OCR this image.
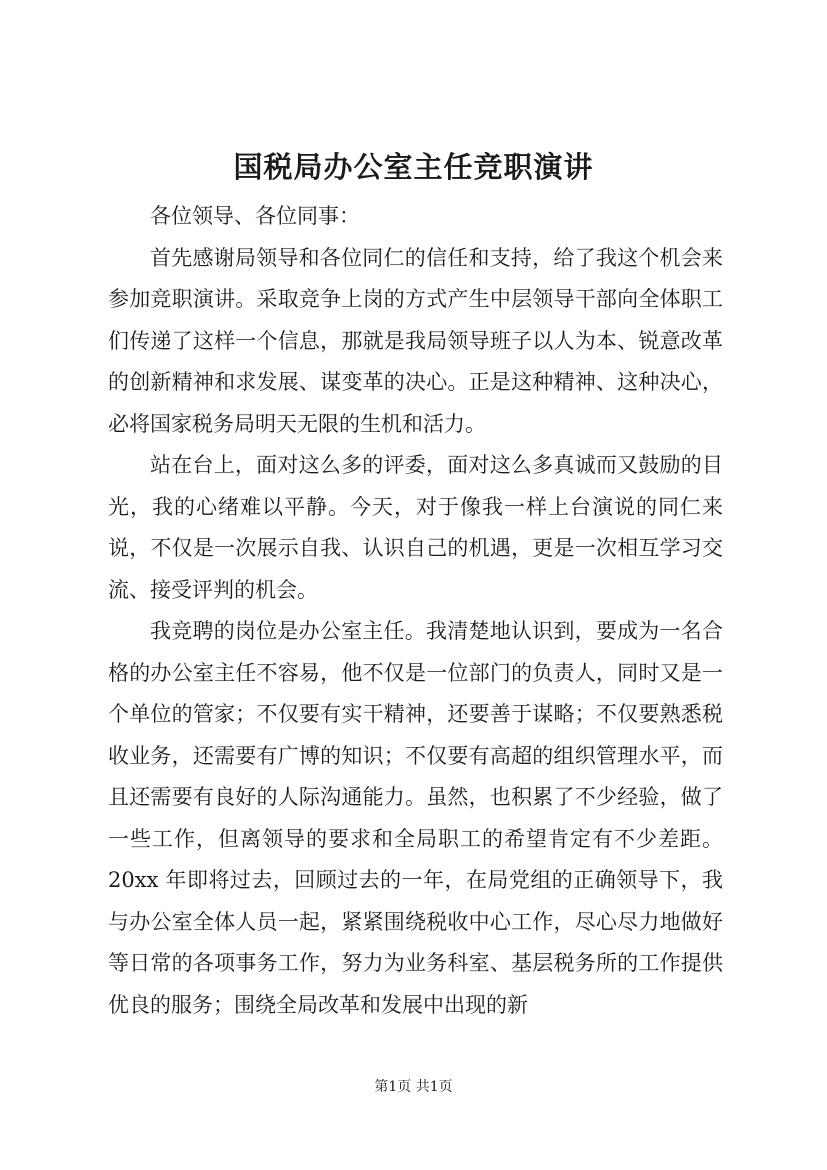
国税局办公室主任竞职演讲

各位领导、各位同事：

首先感谢局领导和各位同仁的信任和支持，给了我这个机会来参加竞职演讲。采取竞争上岗的方式产生中层领导干部向全体职工们传递了这样一个信息，那就是我局领导班子以人为本、锐意改革的创新精神和求发展、谋变革的决心。正是这种精神、这种决心，必将国家税务局明天无限的生机和活力。

站在台上，面对这么多的评委，面对这么多真诚而又鼓励的目光，我的心绪难以平静。今天，对于像我一样上台演说的同仁来说，不仅是一次展示自我、认识自己的机遇，更是一次相互学习交流、接受评判的机会。

我竞聘的岗位是办公室主任。我清楚地认识到，要成为一名合格的办公室主任不容易，他不仅是一位部门的负责人，同时又是一个单位的管家；不仅要有实干精神，还要善于谋略；不仅要熟悉税收业务，还需要有广博的知识；不仅要有高超的组织管理水平，而且还需要有良好的人际沟通能力。虽然，也积累了不少经验，做了一些工作，但离领导的要求和全局职工的希望肯定有不少差距。20xx 年即将过去，回顾过去的一年，在局党组的正确领导下，我与办公室全体人员一起，紧紧围绕税收中心工作，尽心尽力地做好等日常的各项事务工作，努力为业务科室、基层税务所的工作提供优良的服务；围绕全局改革和发展中出现的新

第1页 共1页
